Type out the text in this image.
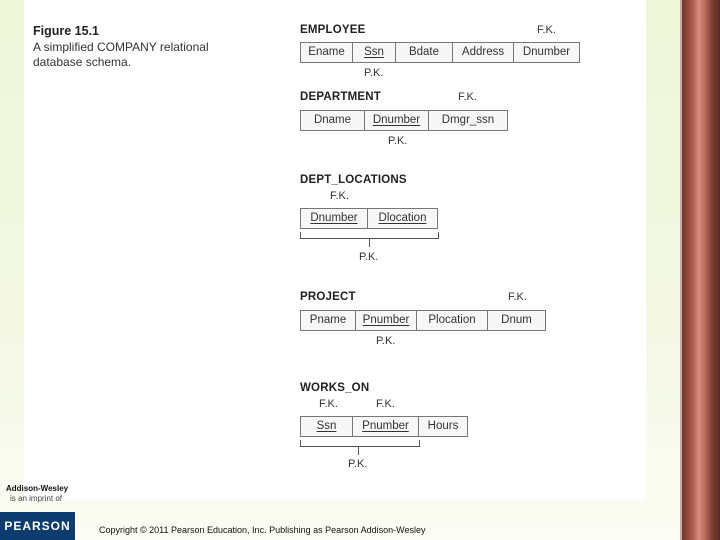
Figure 15.1
A simplified COMPANY relational database schema.
EMPLOYEE	F.K.
Ename	Ssn	Bdate	Address	Dnumber
P.K.
DEPARTMENT	F.K.
Dname	Dnumber	Dmgr_ssn
P.K.
DEPT_LOCATIONS
F.K.
Dnumber	Dlocation
P.K.
PROJECT	F.K.
Pname	Pnumber	Plocation	Dnum
P.K.
WORKS_ON
F.K.	F.K.
Ssn	Pnumber	Hours
P.K.
Addison-Wesley
is an imprint of
PEARSON	Copyright © 2011 Pearson Education, Inc. Publishing as Pearson Addison-Wesley
